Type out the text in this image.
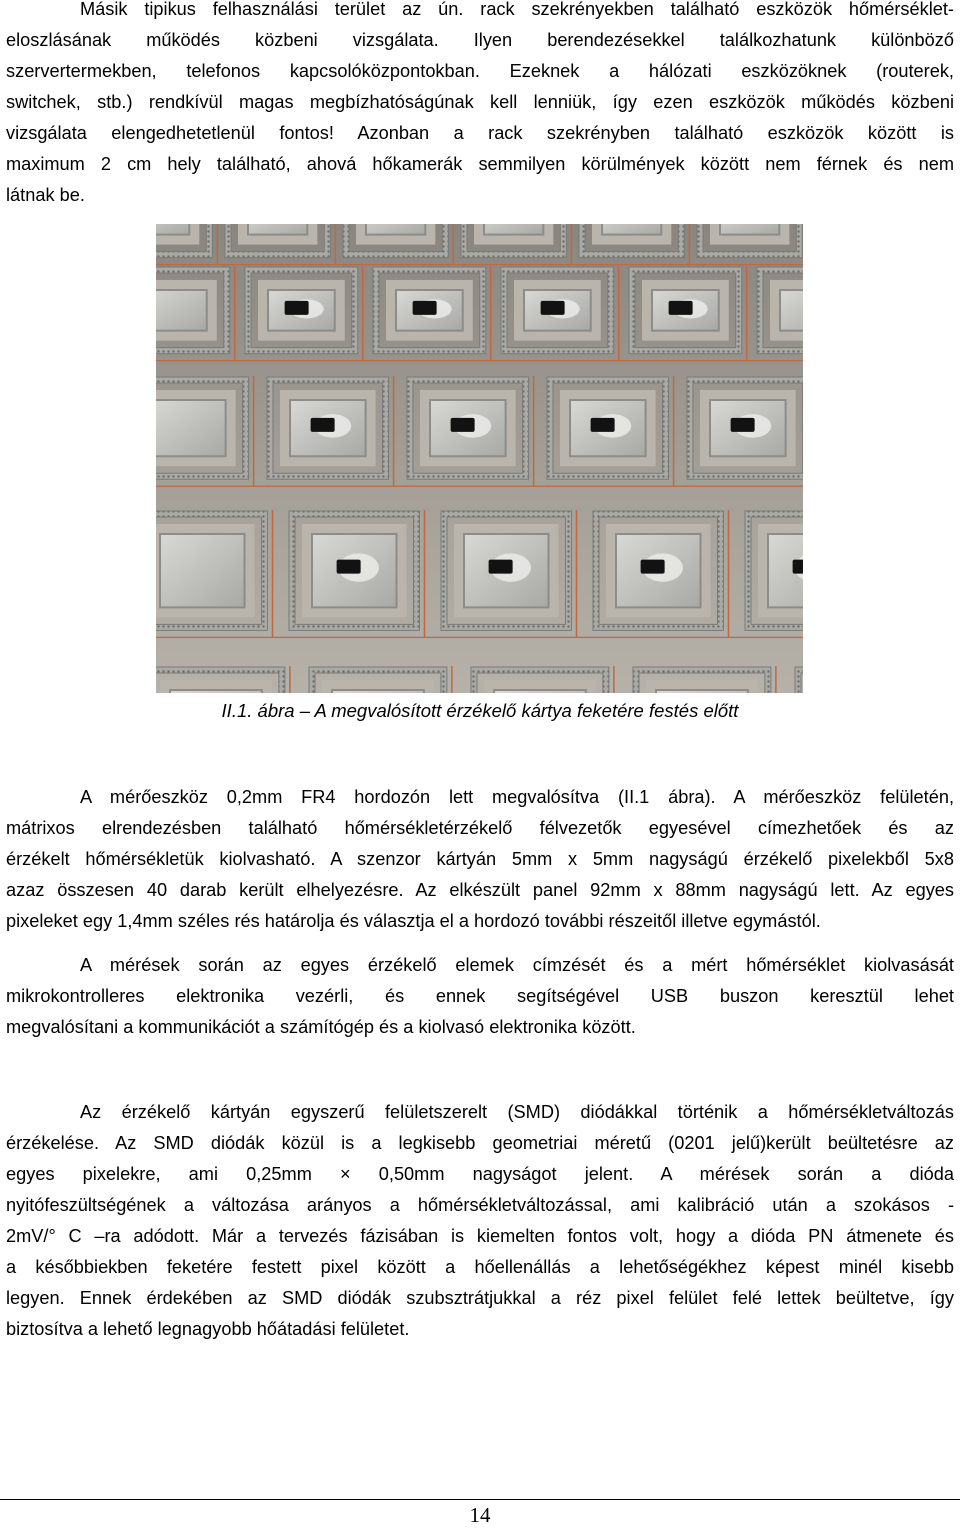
Másik tipikus felhasználási terület az ún. rack szekrényekben található eszközök hőmérséklet-
eloszlásának működés közbeni vizsgálata. Ilyen berendezésekkel találkozhatunk különböző
szervertermekben, telefonos kapcsolóközpontokban. Ezeknek a hálózati eszközöknek (routerek,
switchek, stb.) rendkívül magas megbízhatóságúnak kell lenniük, így ezen eszközök működés közbeni
vizsgálata elengedhetetlenül fontos! Azonban a rack szekrényben található eszközök között is
maximum 2 cm hely található, ahová hőkamerák semmilyen körülmények között nem férnek és nem
látnak be.
II.1. ábra – A megvalósított érzékelő kártya feketére festés előtt
A mérőeszköz 0,2mm FR4 hordozón lett megvalósítva (II.1 ábra). A mérőeszköz felületén,
mátrixos elrendezésben található hőmérsékletérzékelő félvezetők egyesével címezhetőek és az
érzékelt hőmérsékletük kiolvasható. A szenzor kártyán 5mm x 5mm nagyságú érzékelő pixelekből 5x8
azaz összesen 40 darab került elhelyezésre. Az elkészült panel 92mm x 88mm nagyságú lett. Az egyes
pixeleket egy 1,4mm széles rés határolja és választja el a hordozó további részeitől illetve egymástól.
A mérések során az egyes érzékelő elemek címzését és a mért hőmérséklet kiolvasását
mikrokontrolleres elektronika vezérli, és ennek segítségével USB buszon keresztül lehet
megvalósítani a kommunikációt a számítógép és a kiolvasó elektronika között.
Az érzékelő kártyán egyszerű felületszerelt (SMD) diódákkal történik a hőmérsékletváltozás
érzékelése. Az SMD diódák közül is a legkisebb geometriai méretű (0201 jelű)került beültetésre az
egyes pixelekre, ami 0,25mm × 0,50mm nagyságot jelent. A mérések során a dióda
nyitófeszültségének a változása arányos a hőmérsékletváltozással, ami kalibráció után a szokásos -
2mV/° C –ra adódott. Már a tervezés fázisában is kiemelten fontos volt, hogy a dióda PN átmenete és
a későbbiekben feketére festett pixel között a hőellenállás a lehetőségékhez képest minél kisebb
legyen. Ennek érdekében az SMD diódák szubsztrátjukkal a réz pixel felület felé lettek beültetve, így
biztosítva a lehető legnagyobb hőátadási felületet.
14
